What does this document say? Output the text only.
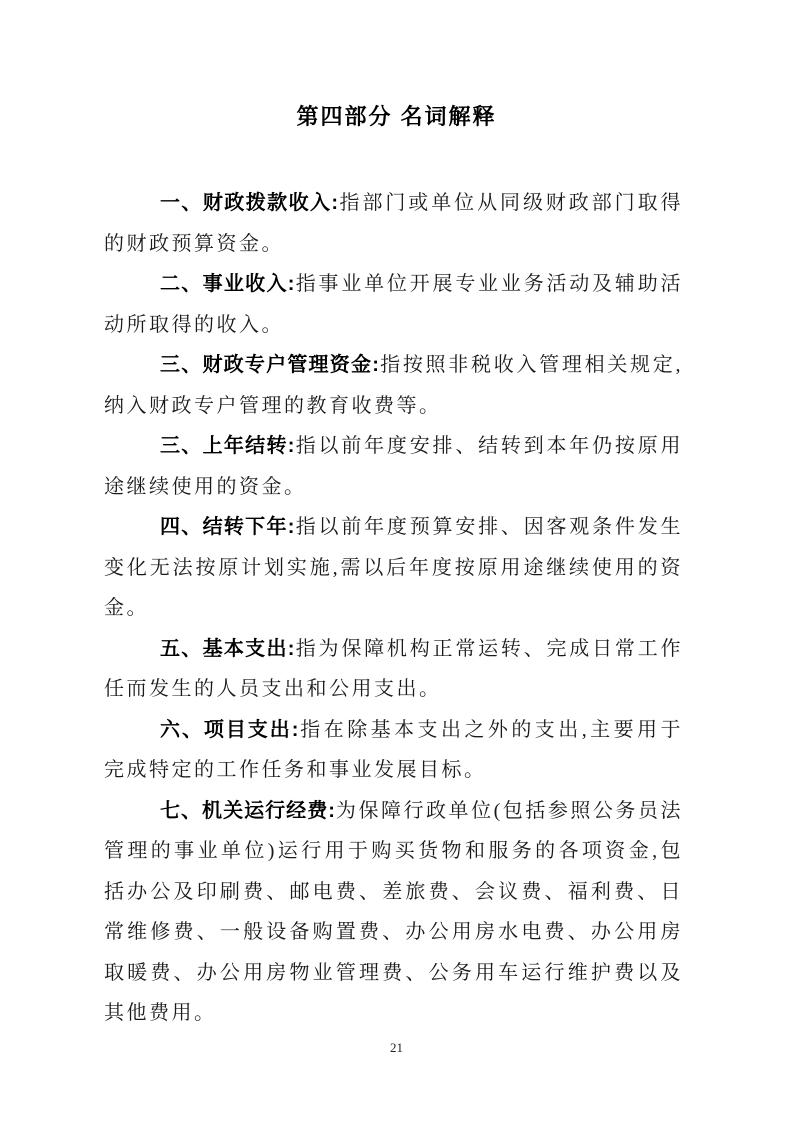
第四部分 名词解释

一、财政拨款收入:指部门或单位从同级财政部门取得的财政预算资金。

二、事业收入:指事业单位开展专业业务活动及辅助活动所取得的收入。

三、财政专户管理资金:指按照非税收入管理相关规定,纳入财政专户管理的教育收费等。

三、上年结转:指以前年度安排、结转到本年仍按原用途继续使用的资金。

四、结转下年:指以前年度预算安排、因客观条件发生变化无法按原计划实施,需以后年度按原用途继续使用的资金。

五、基本支出:指为保障机构正常运转、完成日常工作任而发生的人员支出和公用支出。

六、项目支出:指在除基本支出之外的支出,主要用于完成特定的工作任务和事业发展目标。

七、机关运行经费:为保障行政单位(包括参照公务员法管理的事业单位)运行用于购买货物和服务的各项资金,包括办公及印刷费、邮电费、差旅费、会议费、福利费、日常维修费、一般设备购置费、办公用房水电费、办公用房取暖费、办公用房物业管理费、公务用车运行维护费以及其他费用。

21
